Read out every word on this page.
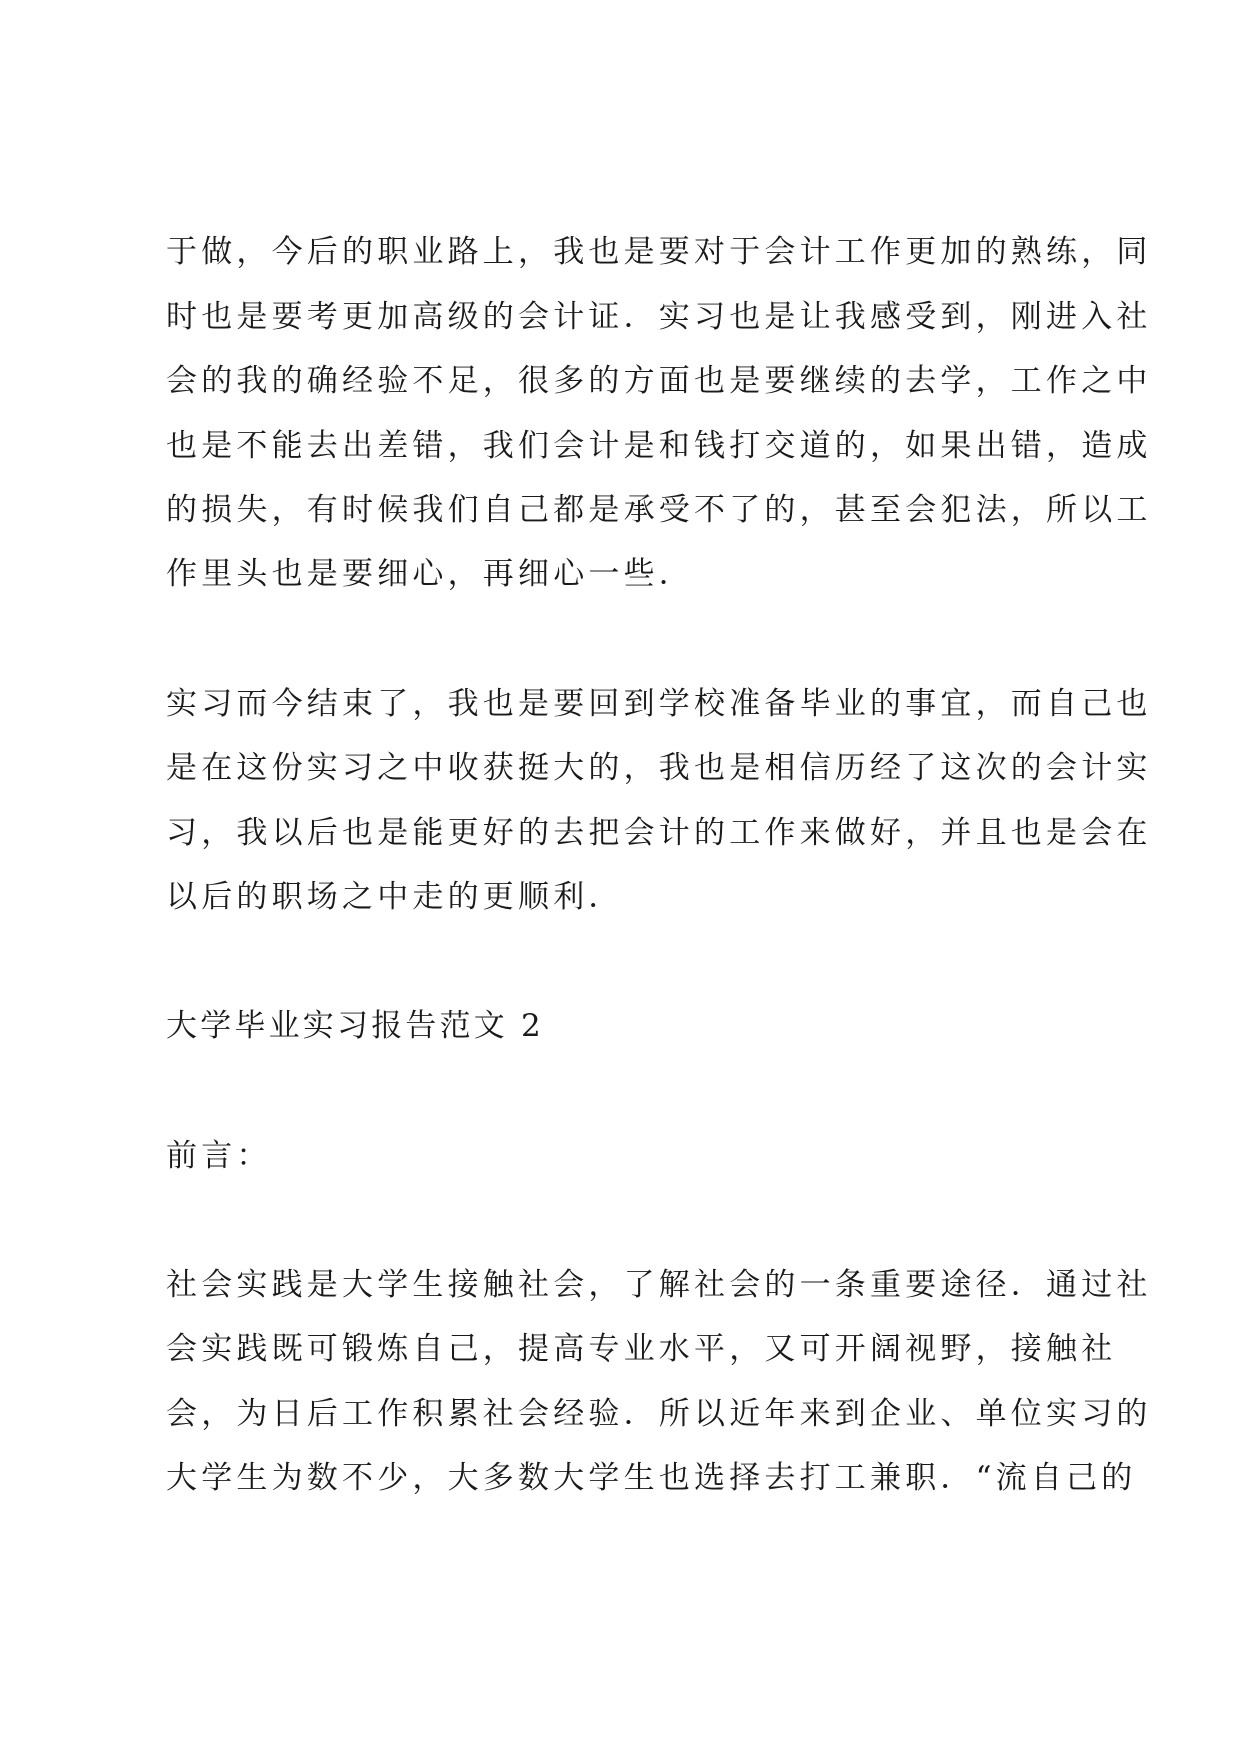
于做，今后的职业路上，我也是要对于会计工作更加的熟练，同
时也是要考更加高级的会计证．实习也是让我感受到，刚进入社
会的我的确经验不足，很多的方面也是要继续的去学，工作之中
也是不能去出差错，我们会计是和钱打交道的，如果出错，造成
的损失，有时候我们自己都是承受不了的，甚至会犯法，所以工
作里头也是要细心，再细心一些．
实习而今结束了，我也是要回到学校准备毕业的事宜，而自己也
是在这份实习之中收获挺大的，我也是相信历经了这次的会计实
习，我以后也是能更好的去把会计的工作来做好，并且也是会在
以后的职场之中走的更顺利．
大学毕业实习报告范文 2
前言：
社会实践是大学生接触社会，了解社会的一条重要途径．通过社
会实践既可锻炼自己，提高专业水平，又可开阔视野，接触社
会，为日后工作积累社会经验．所以近年来到企业、单位实习的
大学生为数不少，大多数大学生也选择去打工兼职．“流自己的
